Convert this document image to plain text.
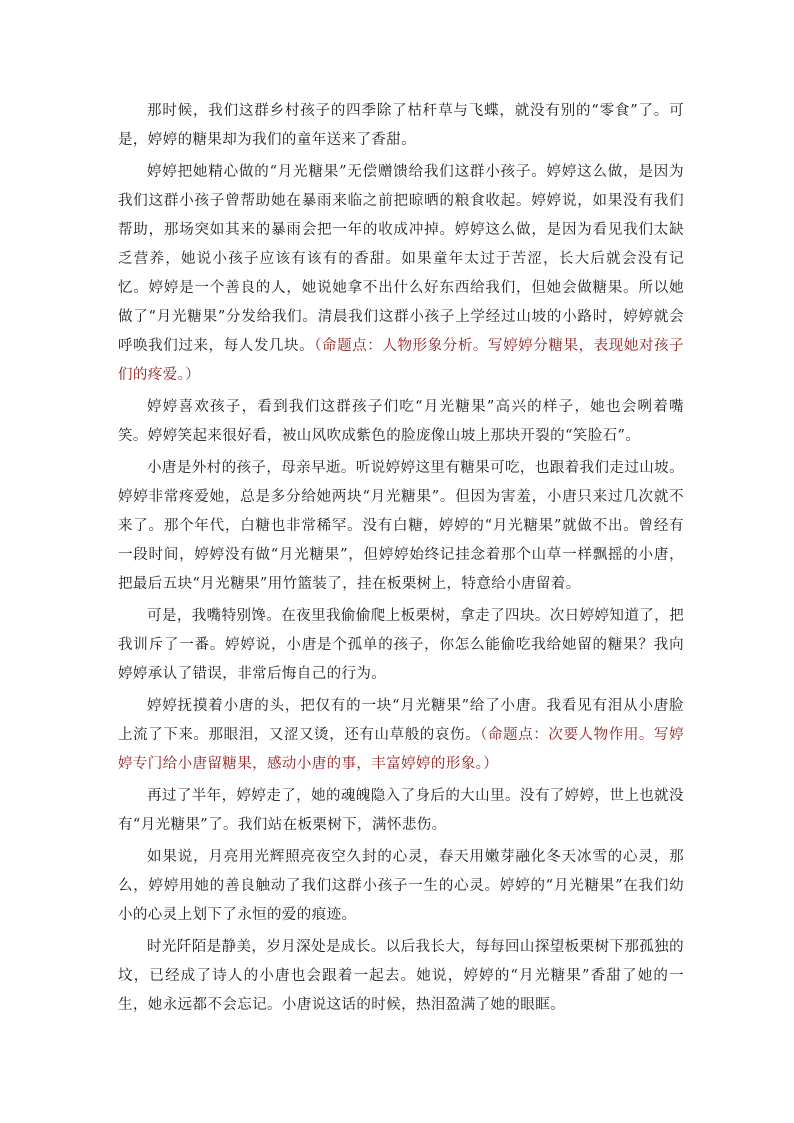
那时候，我们这群乡村孩子的四季除了枯秆草与飞蝶，就没有别的“零食”了。可是，婷婷的糖果却为我们的童年送来了香甜。

婷婷把她精心做的“月光糖果”无偿赠馈给我们这群小孩子。婷婷这么做，是因为我们这群小孩子曾帮助她在暴雨来临之前把晾晒的粮食收起。婷婷说，如果没有我们帮助，那场突如其来的暴雨会把一年的收成冲掉。婷婷这么做，是因为看见我们太缺乏营养，她说小孩子应该有该有的香甜。如果童年太过于苦涩，长大后就会没有记忆。婷婷是一个善良的人，她说她拿不出什么好东西给我们，但她会做糖果。所以她做了“月光糖果”分发给我们。清晨我们这群小孩子上学经过山坡的小路时，婷婷就会呼唤我们过来，每人发几块。（命题点：人物形象分析。写婷婷分糖果，表现她对孩子们的疼爱。）

婷婷喜欢孩子，看到我们这群孩子们吃“月光糖果”高兴的样子，她也会咧着嘴笑。婷婷笑起来很好看，被山风吹成紫色的脸庞像山坡上那块开裂的“笑脸石”。

小唐是外村的孩子，母亲早逝。听说婷婷这里有糖果可吃，也跟着我们走过山坡。婷婷非常疼爱她，总是多分给她两块“月光糖果”。但因为害羞，小唐只来过几次就不来了。那个年代，白糖也非常稀罕。没有白糖，婷婷的“月光糖果”就做不出。曾经有一段时间，婷婷没有做“月光糖果”，但婷婷始终记挂念着那个山草一样飘摇的小唐，把最后五块“月光糖果”用竹篮装了，挂在板栗树上，特意给小唐留着。

可是，我嘴特别馋。在夜里我偷偷爬上板栗树，拿走了四块。次日婷婷知道了，把我训斥了一番。婷婷说，小唐是个孤单的孩子，你怎么能偷吃我给她留的糖果？我向婷婷承认了错误，非常后悔自己的行为。

婷婷抚摸着小唐的头，把仅有的一块“月光糖果”给了小唐。我看见有泪从小唐脸上流了下来。那眼泪，又涩又烫，还有山草般的哀伤。（命题点：次要人物作用。写婷婷专门给小唐留糖果，感动小唐的事，丰富婷婷的形象。）

再过了半年，婷婷走了，她的魂魄隐入了身后的大山里。没有了婷婷，世上也就没有“月光糖果”了。我们站在板栗树下，满怀悲伤。

如果说，月亮用光辉照亮夜空久封的心灵，春天用嫩芽融化冬天冰雪的心灵，那么，婷婷用她的善良触动了我们这群小孩子一生的心灵。婷婷的“月光糖果”在我们幼小的心灵上划下了永恒的爱的痕迹。

时光阡陌是静美，岁月深处是成长。以后我长大，每每回山探望板栗树下那孤独的坟，已经成了诗人的小唐也会跟着一起去。她说，婷婷的“月光糖果”香甜了她的一生，她永远都不会忘记。小唐说这话的时候，热泪盈满了她的眼眶。
